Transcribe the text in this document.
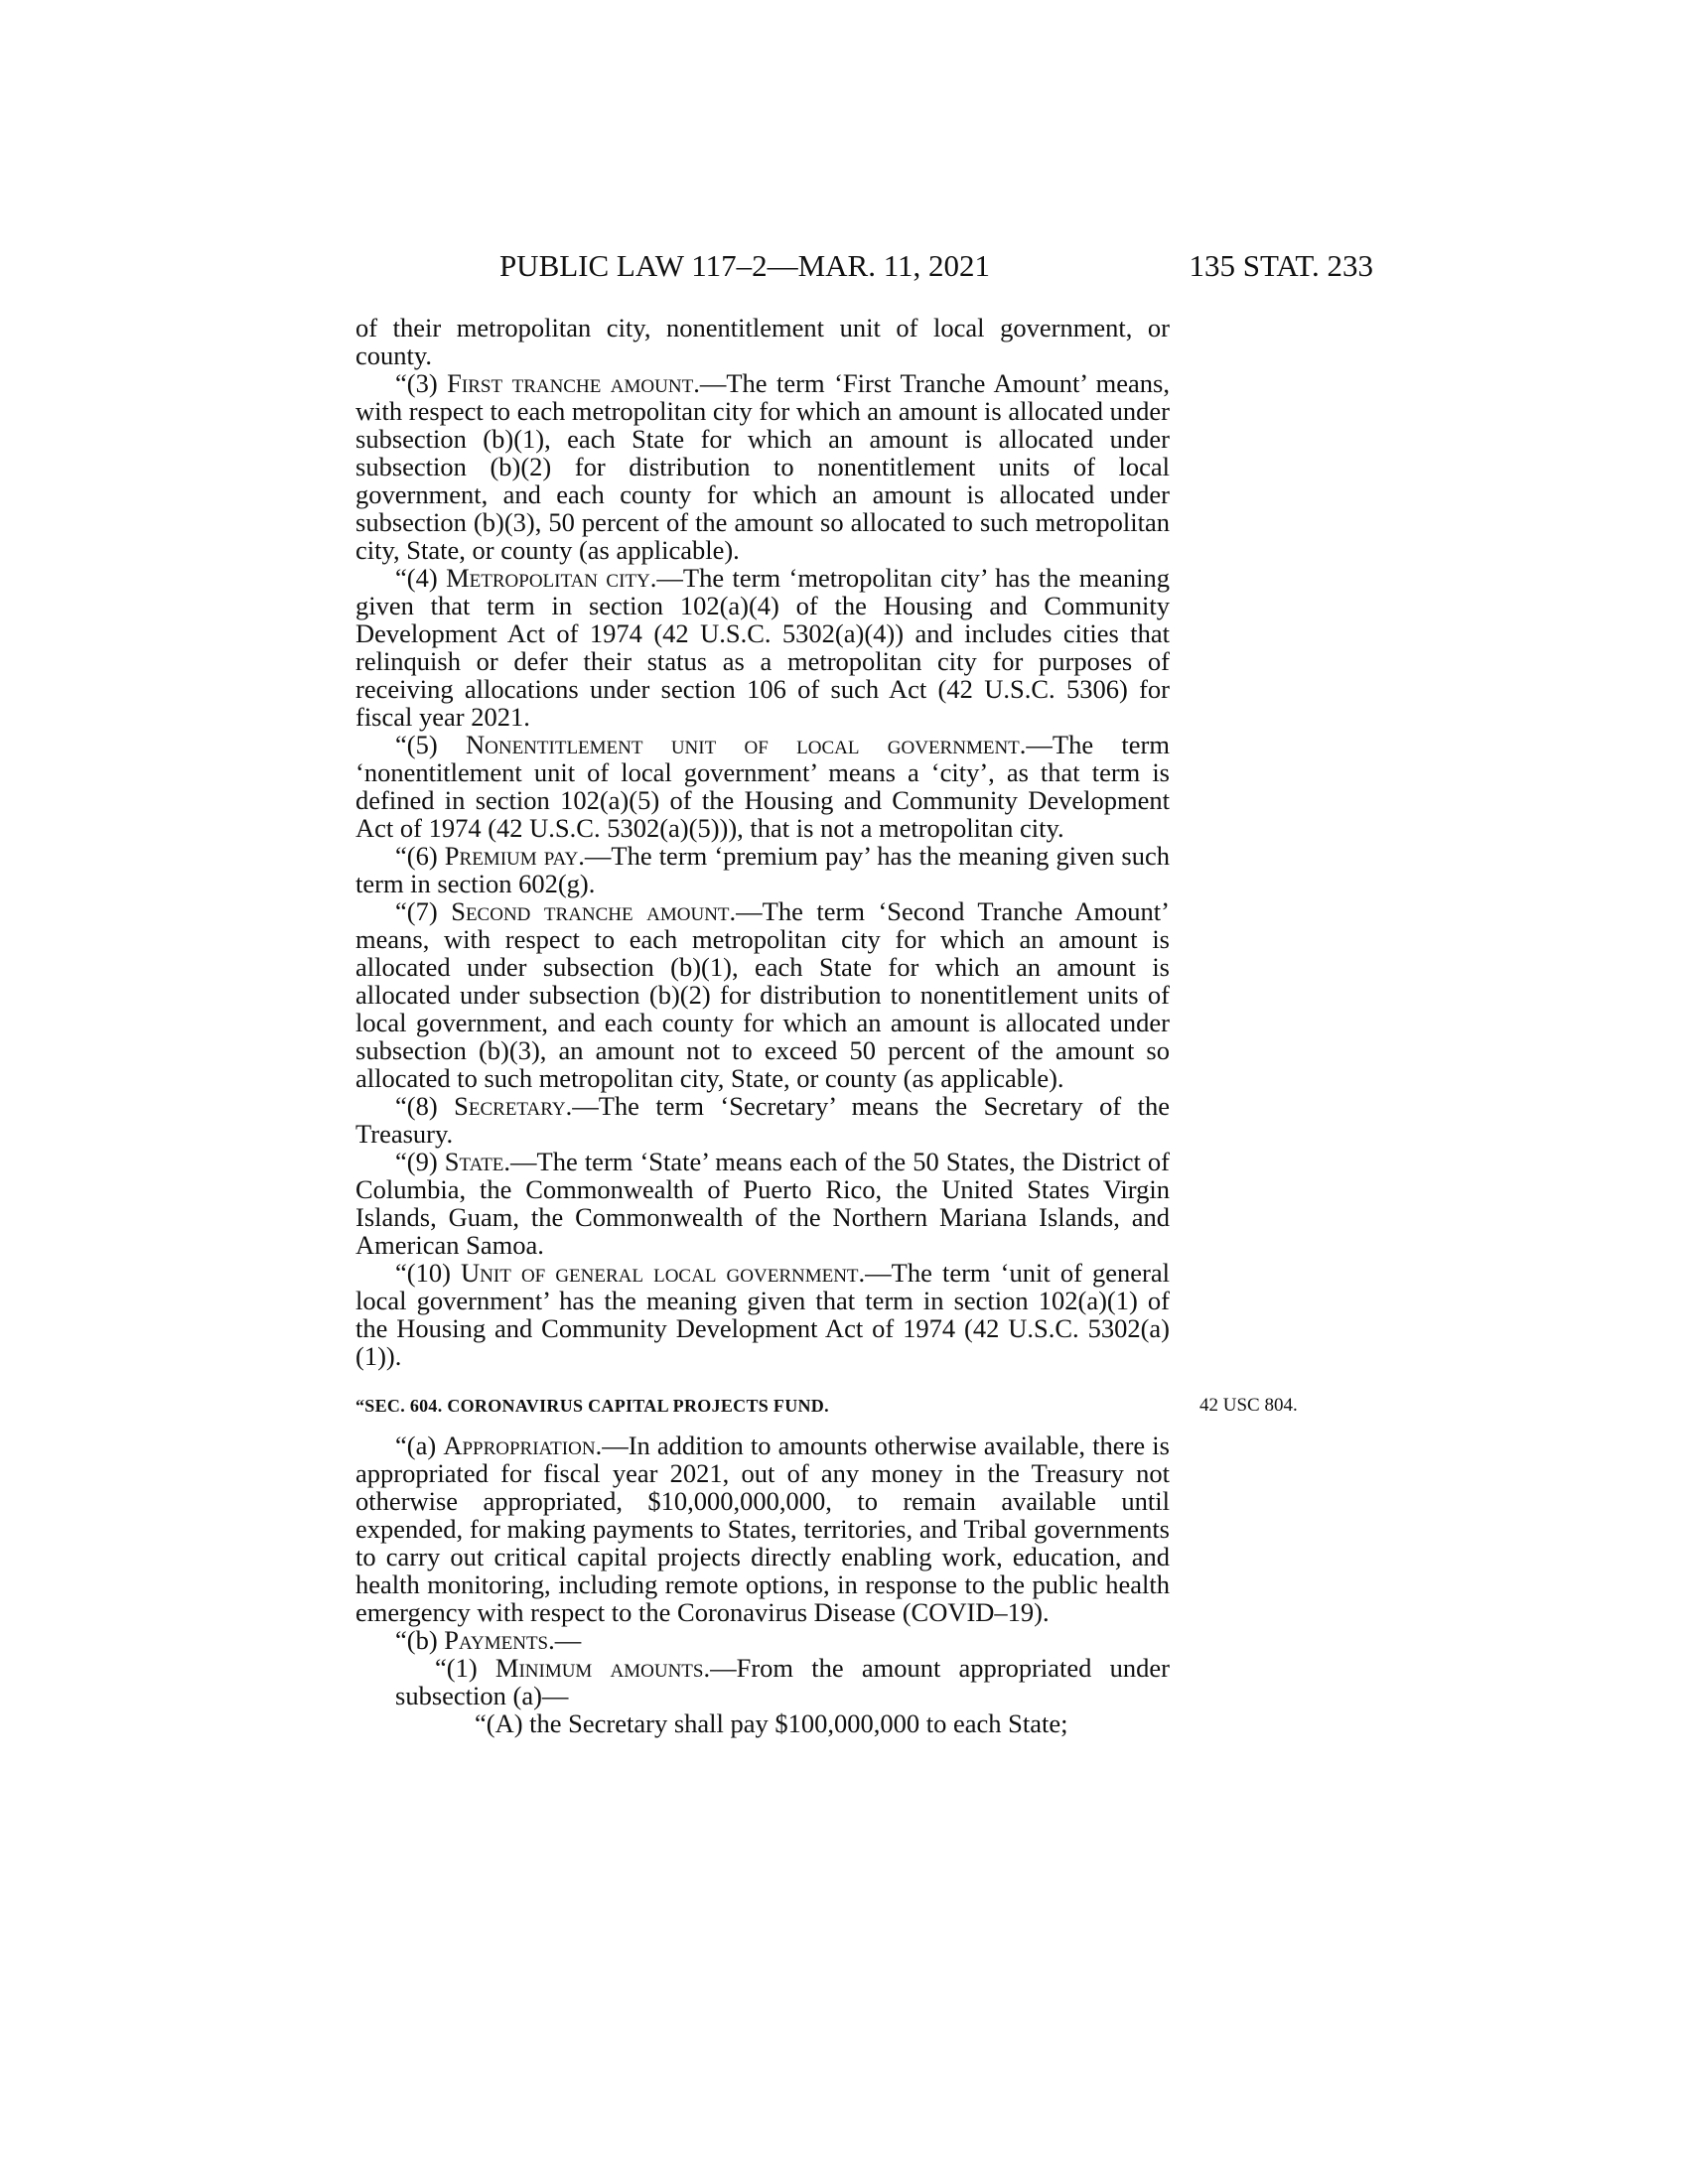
PUBLIC LAW 117–2—MAR. 11, 2021	135 STAT. 233

of their metropolitan city, nonentitlement unit of local government, or county.

“(3) First tranche amount.—The term ‘First Tranche Amount’ means, with respect to each metropolitan city for which an amount is allocated under subsection (b)(1), each State for which an amount is allocated under subsection (b)(2) for distribution to nonentitlement units of local government, and each county for which an amount is allocated under subsection (b)(3), 50 percent of the amount so allocated to such metropolitan city, State, or county (as applicable).

“(4) Metropolitan city.—The term ‘metropolitan city’ has the meaning given that term in section 102(a)(4) of the Housing and Community Development Act of 1974 (42 U.S.C. 5302(a)(4)) and includes cities that relinquish or defer their status as a metropolitan city for purposes of receiving allocations under section 106 of such Act (42 U.S.C. 5306) for fiscal year 2021.

“(5) Nonentitlement unit of local government.—The term ‘nonentitlement unit of local government’ means a ‘city’, as that term is defined in section 102(a)(5) of the Housing and Community Development Act of 1974 (42 U.S.C. 5302(a)(5))), that is not a metropolitan city.

“(6) Premium pay.—The term ‘premium pay’ has the meaning given such term in section 602(g).

“(7) Second tranche amount.—The term ‘Second Tranche Amount’ means, with respect to each metropolitan city for which an amount is allocated under subsection (b)(1), each State for which an amount is allocated under subsection (b)(2) for distribution to nonentitlement units of local government, and each county for which an amount is allocated under subsection (b)(3), an amount not to exceed 50 percent of the amount so allocated to such metropolitan city, State, or county (as applicable).

“(8) Secretary.—The term ‘Secretary’ means the Secretary of the Treasury.

“(9) State.—The term ‘State’ means each of the 50 States, the District of Columbia, the Commonwealth of Puerto Rico, the United States Virgin Islands, Guam, the Commonwealth of the Northern Mariana Islands, and American Samoa.

“(10) Unit of general local government.—The term ‘unit of general local government’ has the meaning given that term in section 102(a)(1) of the Housing and Community Development Act of 1974 (42 U.S.C. 5302(a)(1)).

“SEC. 604. CORONAVIRUS CAPITAL PROJECTS FUND.	42 USC 804.

“(a) Appropriation.—In addition to amounts otherwise available, there is appropriated for fiscal year 2021, out of any money in the Treasury not otherwise appropriated, $10,000,000,000, to remain available until expended, for making payments to States, territories, and Tribal governments to carry out critical capital projects directly enabling work, education, and health monitoring, including remote options, in response to the public health emergency with respect to the Coronavirus Disease (COVID–19).

“(b) Payments.—

“(1) Minimum amounts.—From the amount appropriated under subsection (a)—

“(A) the Secretary shall pay $100,000,000 to each State;
